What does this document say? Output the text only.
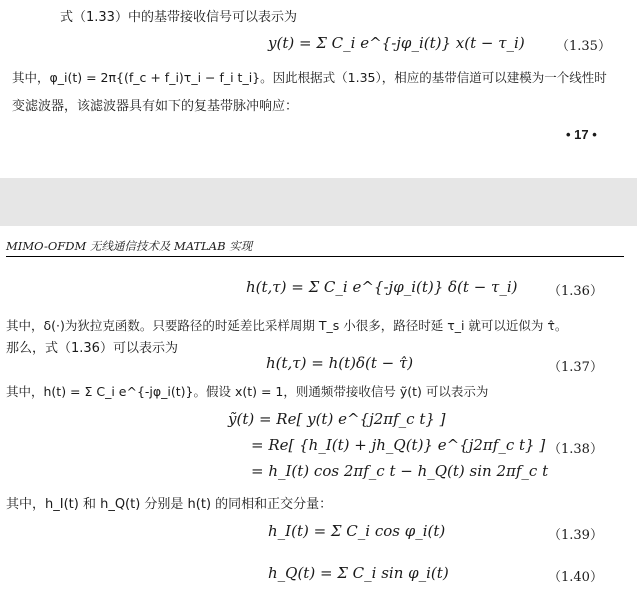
式（1.33）中的基带接收信号可以表示为
y(t) = Σ C_i e^{-jφ_i(t)} x(t − τ_i) （1.35）
其中，φ_i(t) = 2π{(f_c + f_i)τ_i − f_i t_i}。因此根据式（1.35），相应的基带信道可以建模为一个线性时
变滤波器，该滤波器具有如下的复基带脉冲响应：
• 17 •
MIMO-OFDM 无线通信技术及 MATLAB 实现
h(t,τ) = Σ C_i e^{-jφ_i(t)} δ(t − τ_i) （1.36）
其中，δ(·)为狄拉克函数。只要路径的时延差比采样周期 T_s 小很多，路径时延 τ_i 就可以近似为 τ̂。
那么，式（1.36）可以表示为
h(t,τ) = h(t)δ(t − τ̂)	（1.37）
其中，h(t) = Σ C_i e^{-jφ_i(t)}。假设 x(t) = 1，则通频带接收信号 ỹ(t) 可以表示为
ỹ(t) = Re[ y(t) e^{j2πf_c t} ]
= Re[ {h_I(t) + jh_Q(t)} e^{j2πf_c t} ] （1.38）
= h_I(t) cos 2πf_c t − h_Q(t) sin 2πf_c t
其中，h_I(t) 和 h_Q(t) 分别是 h(t) 的同相和正交分量：
h_I(t) = Σ C_i cos φ_i(t)	（1.39）
h_Q(t) = Σ C_i sin φ_i(t)	（1.40）
